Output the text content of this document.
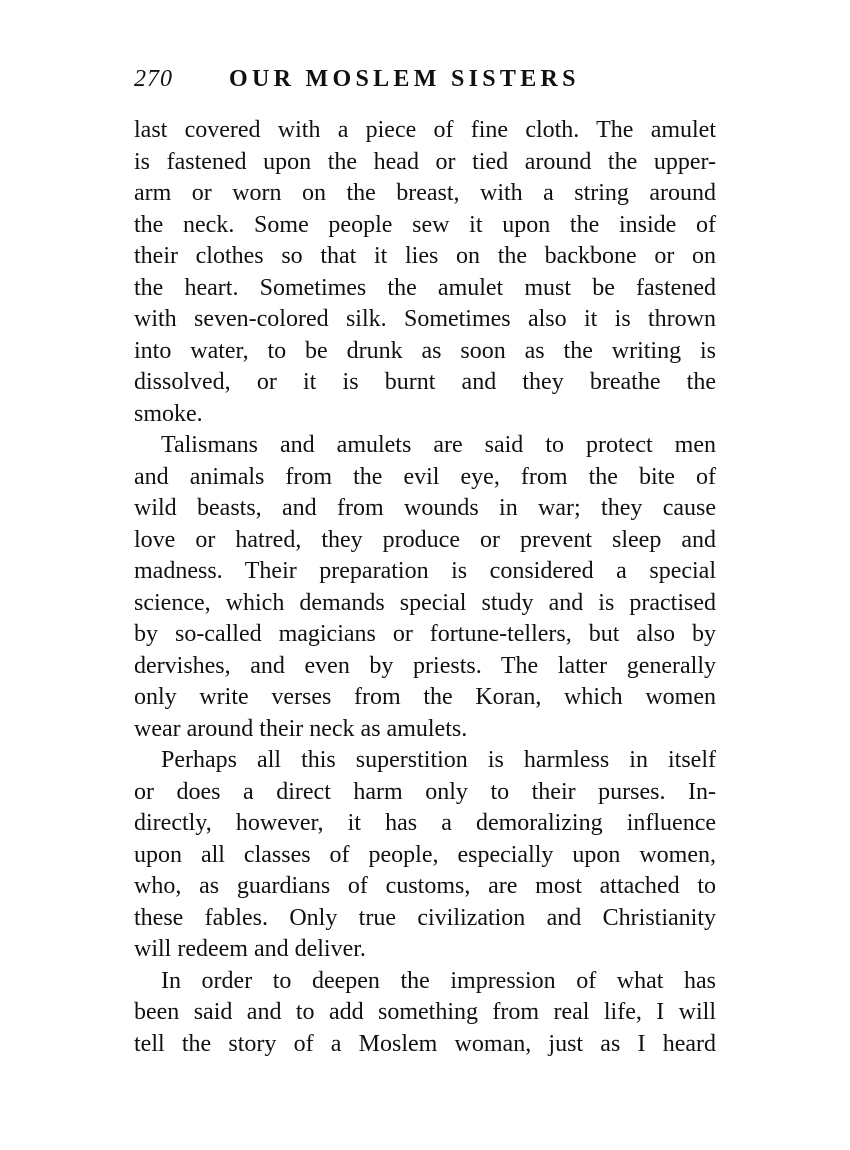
270 OUR MOSLEM SISTERS
last covered with a piece of fine cloth. The amulet
is fastened upon the head or tied around the upper-
arm or worn on the breast, with a string around
the neck. Some people sew it upon the inside of
their clothes so that it lies on the backbone or on
the heart. Sometimes the amulet must be fastened
with seven-colored silk. Sometimes also it is thrown
into water, to be drunk as soon as the writing is
dissolved, or it is burnt and they breathe the
smoke.
Talismans and amulets are said to protect men
and animals from the evil eye, from the bite of
wild beasts, and from wounds in war; they cause
love or hatred, they produce or prevent sleep and
madness. Their preparation is considered a special
science, which demands special study and is practised
by so-called magicians or fortune-tellers, but also by
dervishes, and even by priests. The latter generally
only write verses from the Koran, which women
wear around their neck as amulets.
Perhaps all this superstition is harmless in itself
or does a direct harm only to their purses. In-
directly, however, it has a demoralizing influence
upon all classes of people, especially upon women,
who, as guardians of customs, are most attached to
these fables. Only true civilization and Christianity
will redeem and deliver.
In order to deepen the impression of what has
been said and to add something from real life, I will
tell the story of a Moslem woman, just as I heard
